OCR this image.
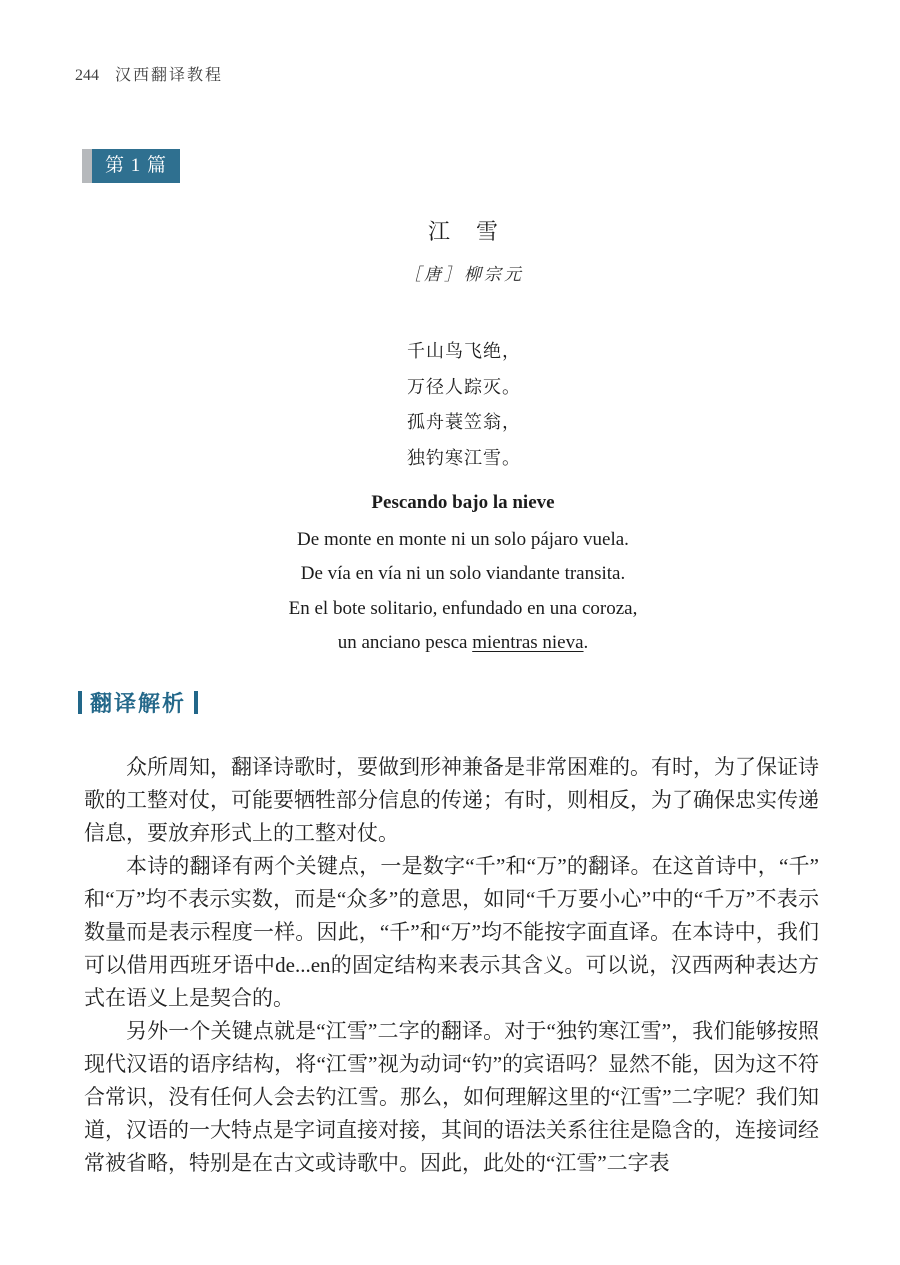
244 汉西翻译教程
第 1 篇
江　雪
［唐］柳宗元
千山鸟飞绝，
万径人踪灭。
孤舟蓑笠翁，
独钓寒江雪。
Pescando bajo la nieve
De monte en monte ni un solo pájaro vuela.
De vía en vía ni un solo viandante transita.
En el bote solitario, enfundado en una coroza,
un anciano pesca mientras nieva.
翻译解析

众所周知，翻译诗歌时，要做到形神兼备是非常困难的。有时，为了保证诗歌的工整对仗，可能要牺牲部分信息的传递；有时，则相反，为了确保忠实传递信息，要放弃形式上的工整对仗。

本诗的翻译有两个关键点，一是数字“千”和“万”的翻译。在这首诗中，“千”和“万”均不表示实数，而是“众多”的意思，如同“千万要小心”中的“千万”不表示数量而是表示程度一样。因此，“千”和“万”均不能按字面直译。在本诗中，我们可以借用西班牙语中de...en的固定结构来表示其含义。可以说，汉西两种表达方式在语义上是契合的。

另外一个关键点就是“江雪”二字的翻译。对于“独钓寒江雪”，我们能够按照现代汉语的语序结构，将“江雪”视为动词“钓”的宾语吗？显然不能，因为这不符合常识，没有任何人会去钓江雪。那么，如何理解这里的“江雪”二字呢？我们知道，汉语的一大特点是字词直接对接，其间的语法关系往往是隐含的，连接词经常被省略，特别是在古文或诗歌中。因此，此处的“江雪”二字表
